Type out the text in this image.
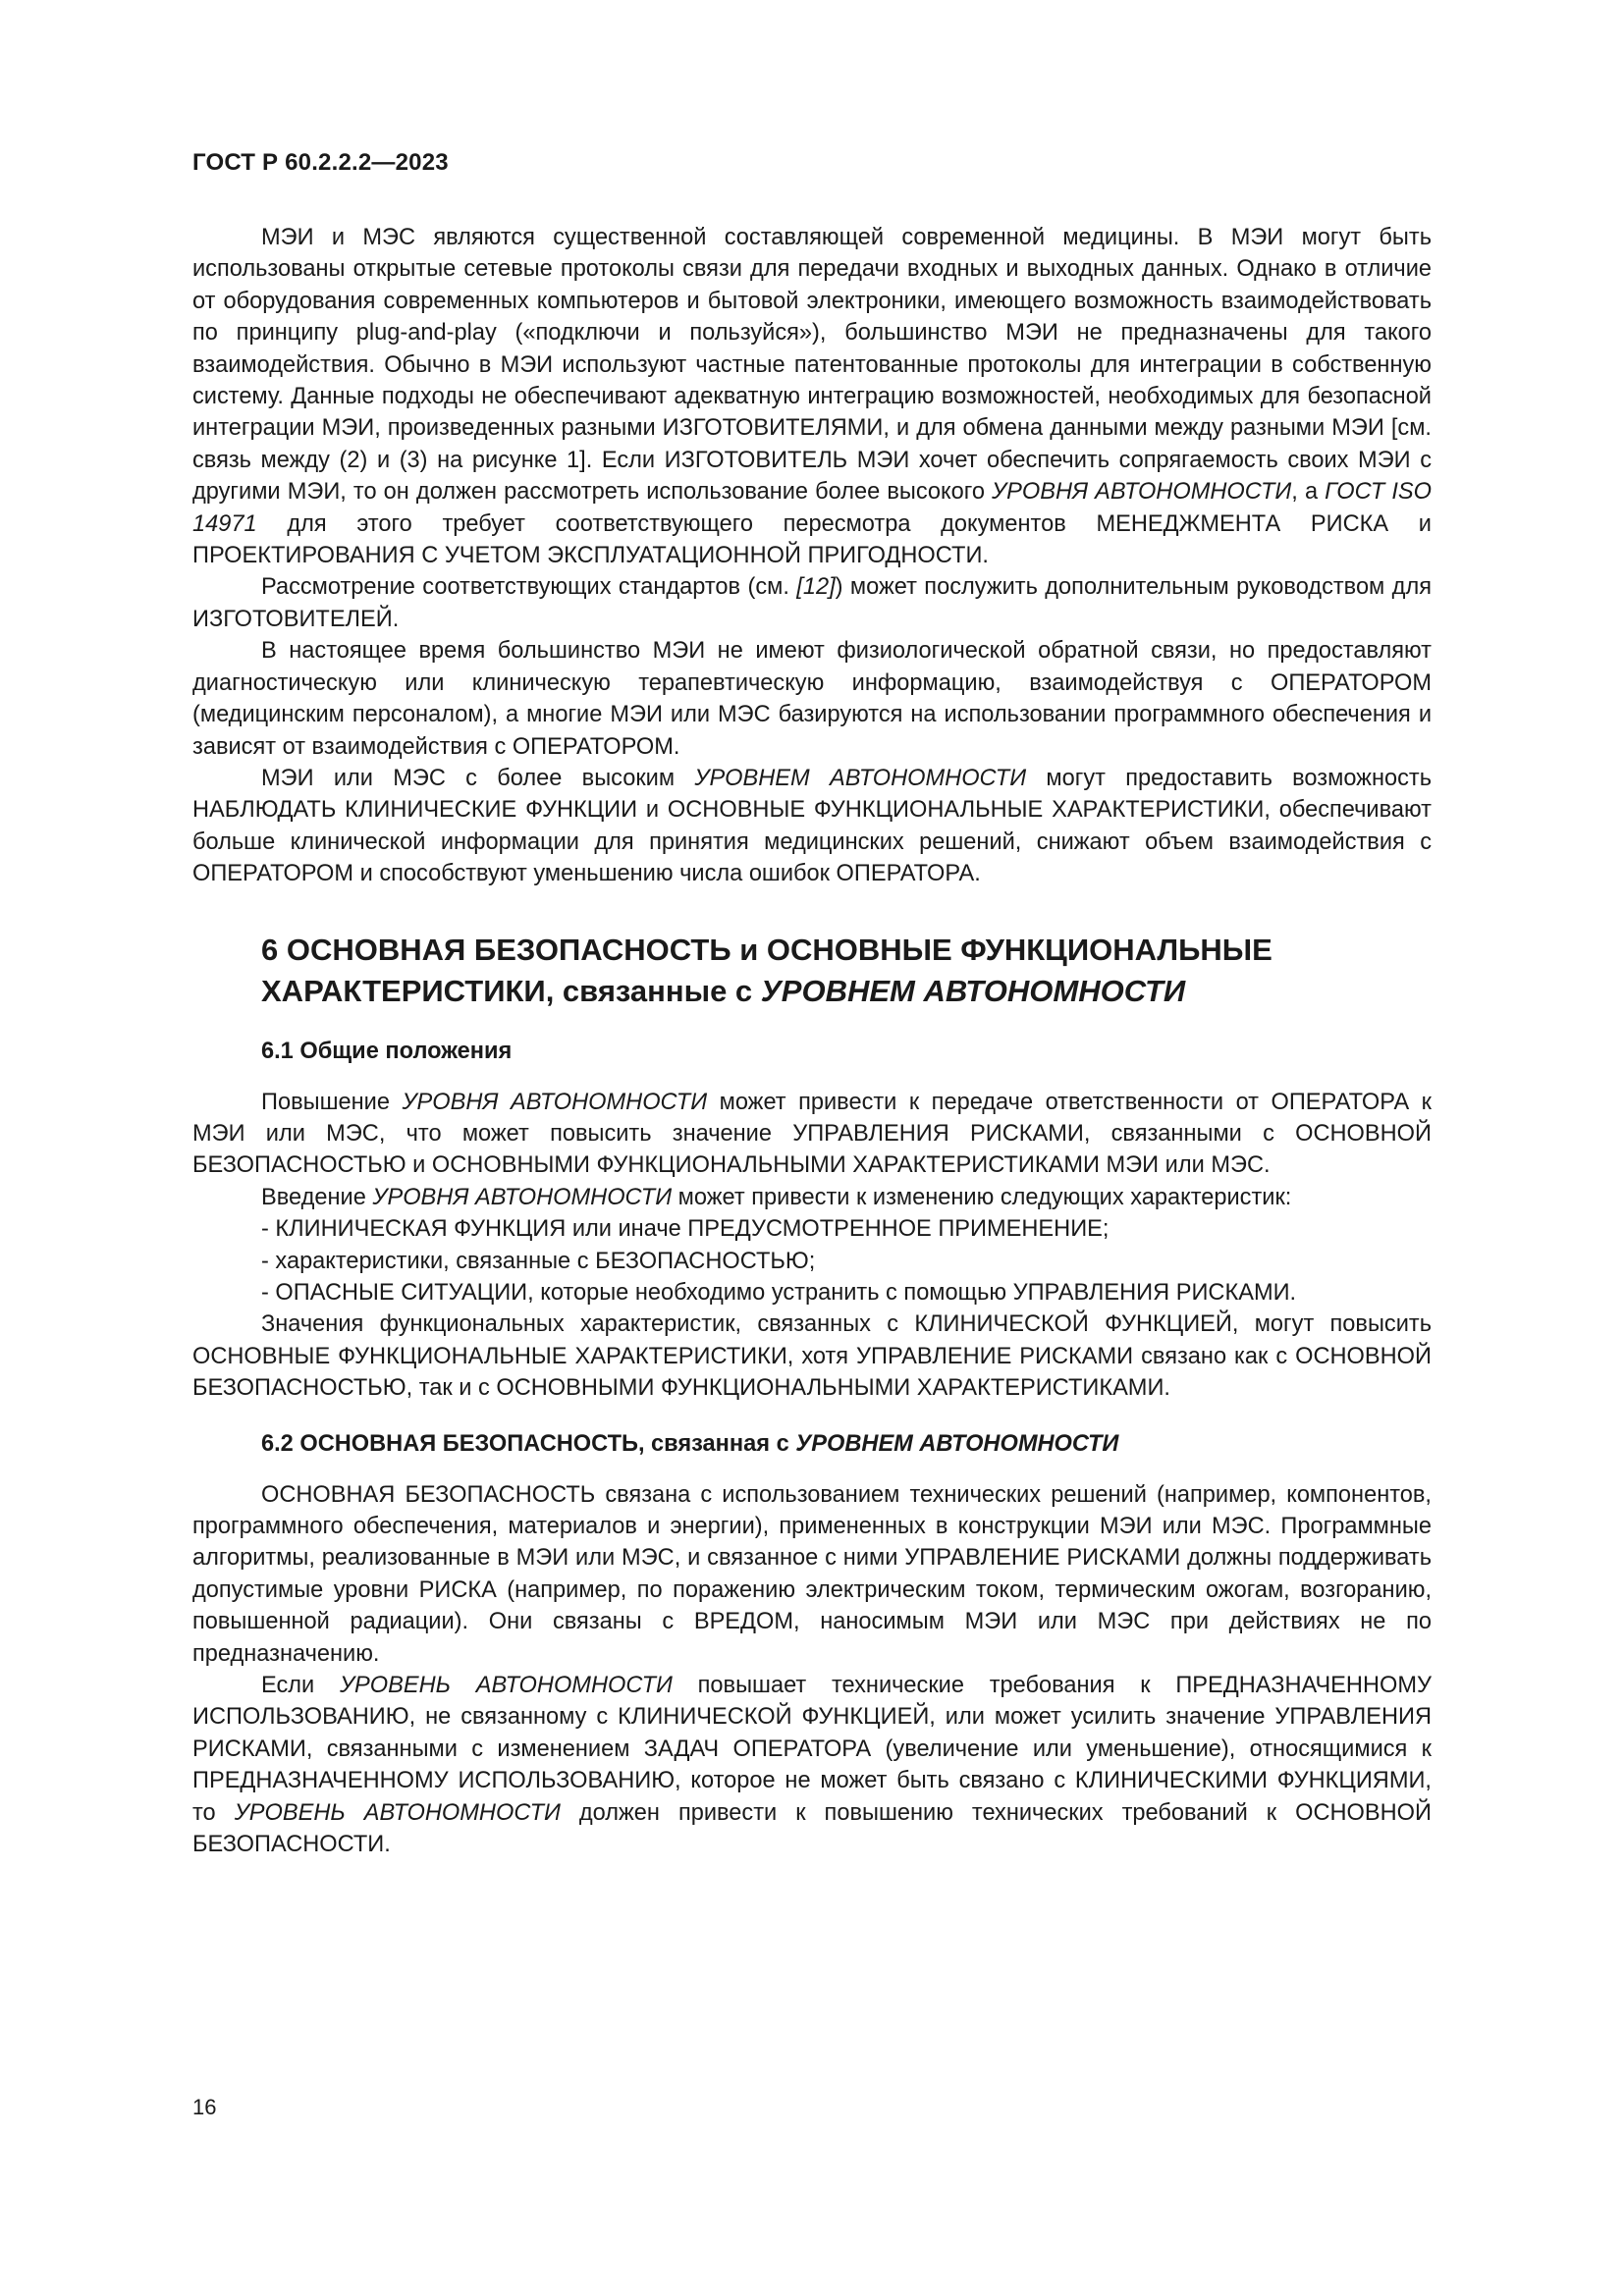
ГОСТ Р 60.2.2.2—2023

МЭИ и МЭС являются существенной составляющей современной медицины. В МЭИ могут быть использованы открытые сетевые протоколы связи для передачи входных и выходных данных. Однако в отличие от оборудования современных компьютеров и бытовой электроники, имеющего возможность взаимодействовать по принципу plug-and-play («подключи и пользуйся»), большинство МЭИ не предназначены для такого взаимодействия. Обычно в МЭИ используют частные патентованные протоколы для интеграции в собственную систему. Данные подходы не обеспечивают адекватную интеграцию возможностей, необходимых для безопасной интеграции МЭИ, произведенных разными ИЗГОТОВИТЕЛЯМИ, и для обмена данными между разными МЭИ [см. связь между (2) и (3) на рисунке 1]. Если ИЗГОТОВИТЕЛЬ МЭИ хочет обеспечить сопрягаемость своих МЭИ с другими МЭИ, то он должен рассмотреть использование более высокого УРОВНЯ АВТОНОМНОСТИ, а ГОСТ ISO 14971 для этого требует соответствующего пересмотра документов МЕНЕДЖМЕНТА РИСКА и ПРОЕКТИРОВАНИЯ С УЧЕТОМ ЭКСПЛУАТАЦИОННОЙ ПРИГОДНОСТИ.

Рассмотрение соответствующих стандартов (см. [12]) может послужить дополнительным руководством для ИЗГОТОВИТЕЛЕЙ.

В настоящее время большинство МЭИ не имеют физиологической обратной связи, но предоставляют диагностическую или клиническую терапевтическую информацию, взаимодействуя с ОПЕРАТОРОМ (медицинским персоналом), а многие МЭИ или МЭС базируются на использовании программного обеспечения и зависят от взаимодействия с ОПЕРАТОРОМ.

МЭИ или МЭС с более высоким УРОВНЕМ АВТОНОМНОСТИ могут предоставить возможность НАБЛЮДАТЬ КЛИНИЧЕСКИЕ ФУНКЦИИ и ОСНОВНЫЕ ФУНКЦИОНАЛЬНЫЕ ХАРАКТЕРИСТИКИ, обеспечивают больше клинической информации для принятия медицинских решений, снижают объем взаимодействия с ОПЕРАТОРОМ и способствуют уменьшению числа ошибок ОПЕРАТОРА.

6 ОСНОВНАЯ БЕЗОПАСНОСТЬ и ОСНОВНЫЕ ФУНКЦИОНАЛЬНЫЕ
ХАРАКТЕРИСТИКИ, связанные с УРОВНЕМ АВТОНОМНОСТИ
6.1 Общие положения

Повышение УРОВНЯ АВТОНОМНОСТИ может привести к передаче ответственности от ОПЕРАТОРА к МЭИ или МЭС, что может повысить значение УПРАВЛЕНИЯ РИСКАМИ, связанными с ОСНОВНОЙ БЕЗОПАСНОСТЬЮ и ОСНОВНЫМИ ФУНКЦИОНАЛЬНЫМИ ХАРАКТЕРИСТИКАМИ МЭИ или МЭС.

Введение УРОВНЯ АВТОНОМНОСТИ может привести к изменению следующих характеристик:

- КЛИНИЧЕСКАЯ ФУНКЦИЯ или иначе ПРЕДУСМОТРЕННОЕ ПРИМЕНЕНИЕ;
- характеристики, связанные с БЕЗОПАСНОСТЬЮ;
- ОПАСНЫЕ СИТУАЦИИ, которые необходимо устранить с помощью УПРАВЛЕНИЯ РИСКАМИ.

Значения функциональных характеристик, связанных с КЛИНИЧЕСКОЙ ФУНКЦИЕЙ, могут повысить ОСНОВНЫЕ ФУНКЦИОНАЛЬНЫЕ ХАРАКТЕРИСТИКИ, хотя УПРАВЛЕНИЕ РИСКАМИ связано как с ОСНОВНОЙ БЕЗОПАСНОСТЬЮ, так и с ОСНОВНЫМИ ФУНКЦИОНАЛЬНЫМИ ХАРАКТЕРИСТИКАМИ.

6.2 ОСНОВНАЯ БЕЗОПАСНОСТЬ, связанная с УРОВНЕМ АВТОНОМНОСТИ

ОСНОВНАЯ БЕЗОПАСНОСТЬ связана с использованием технических решений (например, компонентов, программного обеспечения, материалов и энергии), примененных в конструкции МЭИ или МЭС. Программные алгоритмы, реализованные в МЭИ или МЭС, и связанное с ними УПРАВЛЕНИЕ РИСКАМИ должны поддерживать допустимые уровни РИСКА (например, по поражению электрическим током, термическим ожогам, возгоранию, повышенной радиации). Они связаны с ВРЕДОМ, наносимым МЭИ или МЭС при действиях не по предназначению.

Если УРОВЕНЬ АВТОНОМНОСТИ повышает технические требования к ПРЕДНАЗНАЧЕННОМУ ИСПОЛЬЗОВАНИЮ, не связанному с КЛИНИЧЕСКОЙ ФУНКЦИЕЙ, или может усилить значение УПРАВЛЕНИЯ РИСКАМИ, связанными с изменением ЗАДАЧ ОПЕРАТОРА (увеличение или уменьшение), относящимися к ПРЕДНАЗНАЧЕННОМУ ИСПОЛЬЗОВАНИЮ, которое не может быть связано с КЛИНИЧЕСКИМИ ФУНКЦИЯМИ, то УРОВЕНЬ АВТОНОМНОСТИ должен привести к повышению технических требований к ОСНОВНОЙ БЕЗОПАСНОСТИ.

16
